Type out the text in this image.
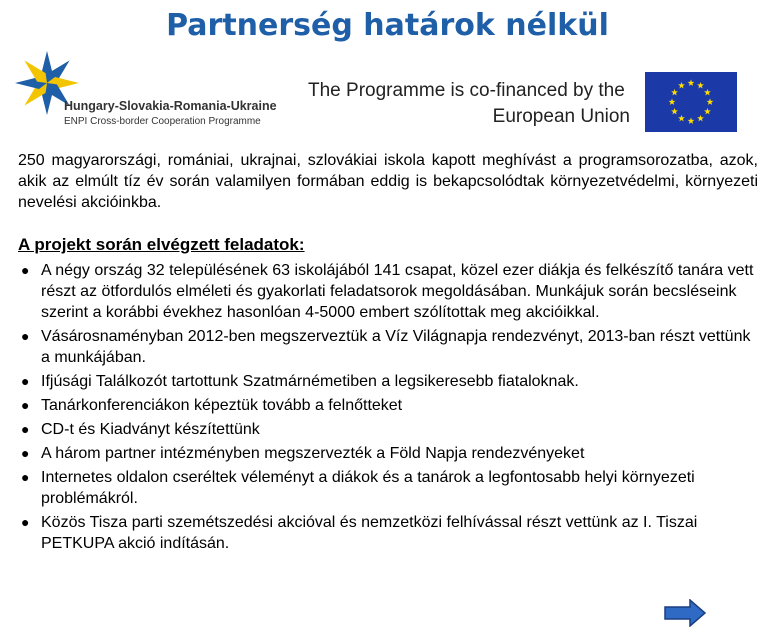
Partnerség határok nélkül
Hungary-Slovakia-Romania-Ukraine
ENPI Cross-border Cooperation Programme
The Programme is co-financed by the
European Union
250 magyarországi, romániai, ukrajnai, szlovákiai iskola kapott meghívást a programsorozatba, azok, akik az elmúlt tíz év során valamilyen formában eddig is bekapcsolódtak környezetvédelmi, környezeti nevelési akcióinkba.
A projekt során elvégzett feladatok:
● A négy ország 32 településének 63 iskolájából 141 csapat, közel ezer diákja és felkészítő tanára vett részt az ötfordulós elméleti és gyakorlati feladatsorok megoldásában. Munkájuk során becsléseink szerint a korábbi évekhez hasonlóan 4-5000 embert szólítottak meg akcióikkal.
● Vásárosnaményban 2012-ben megszerveztük a Víz Világnapja rendezvényt, 2013-ban részt vettünk a munkájában.
● Ifjúsági Találkozót tartottunk Szatmárnémetiben a legsikeresebb fiataloknak.
● Tanárkonferenciákon képeztük tovább a felnőtteket
● CD-t és Kiadványt készítettünk
● A három partner intézményben megszervezték a Föld Napja rendezvényeket
● Internetes oldalon cseréltek véleményt a diákok és a tanárok a legfontosabb helyi környezeti problémákról.
● Közös Tisza parti szemétszedési akcióval és nemzetközi felhívással részt vettünk az I. Tiszai PETKUPA akció indításán.
